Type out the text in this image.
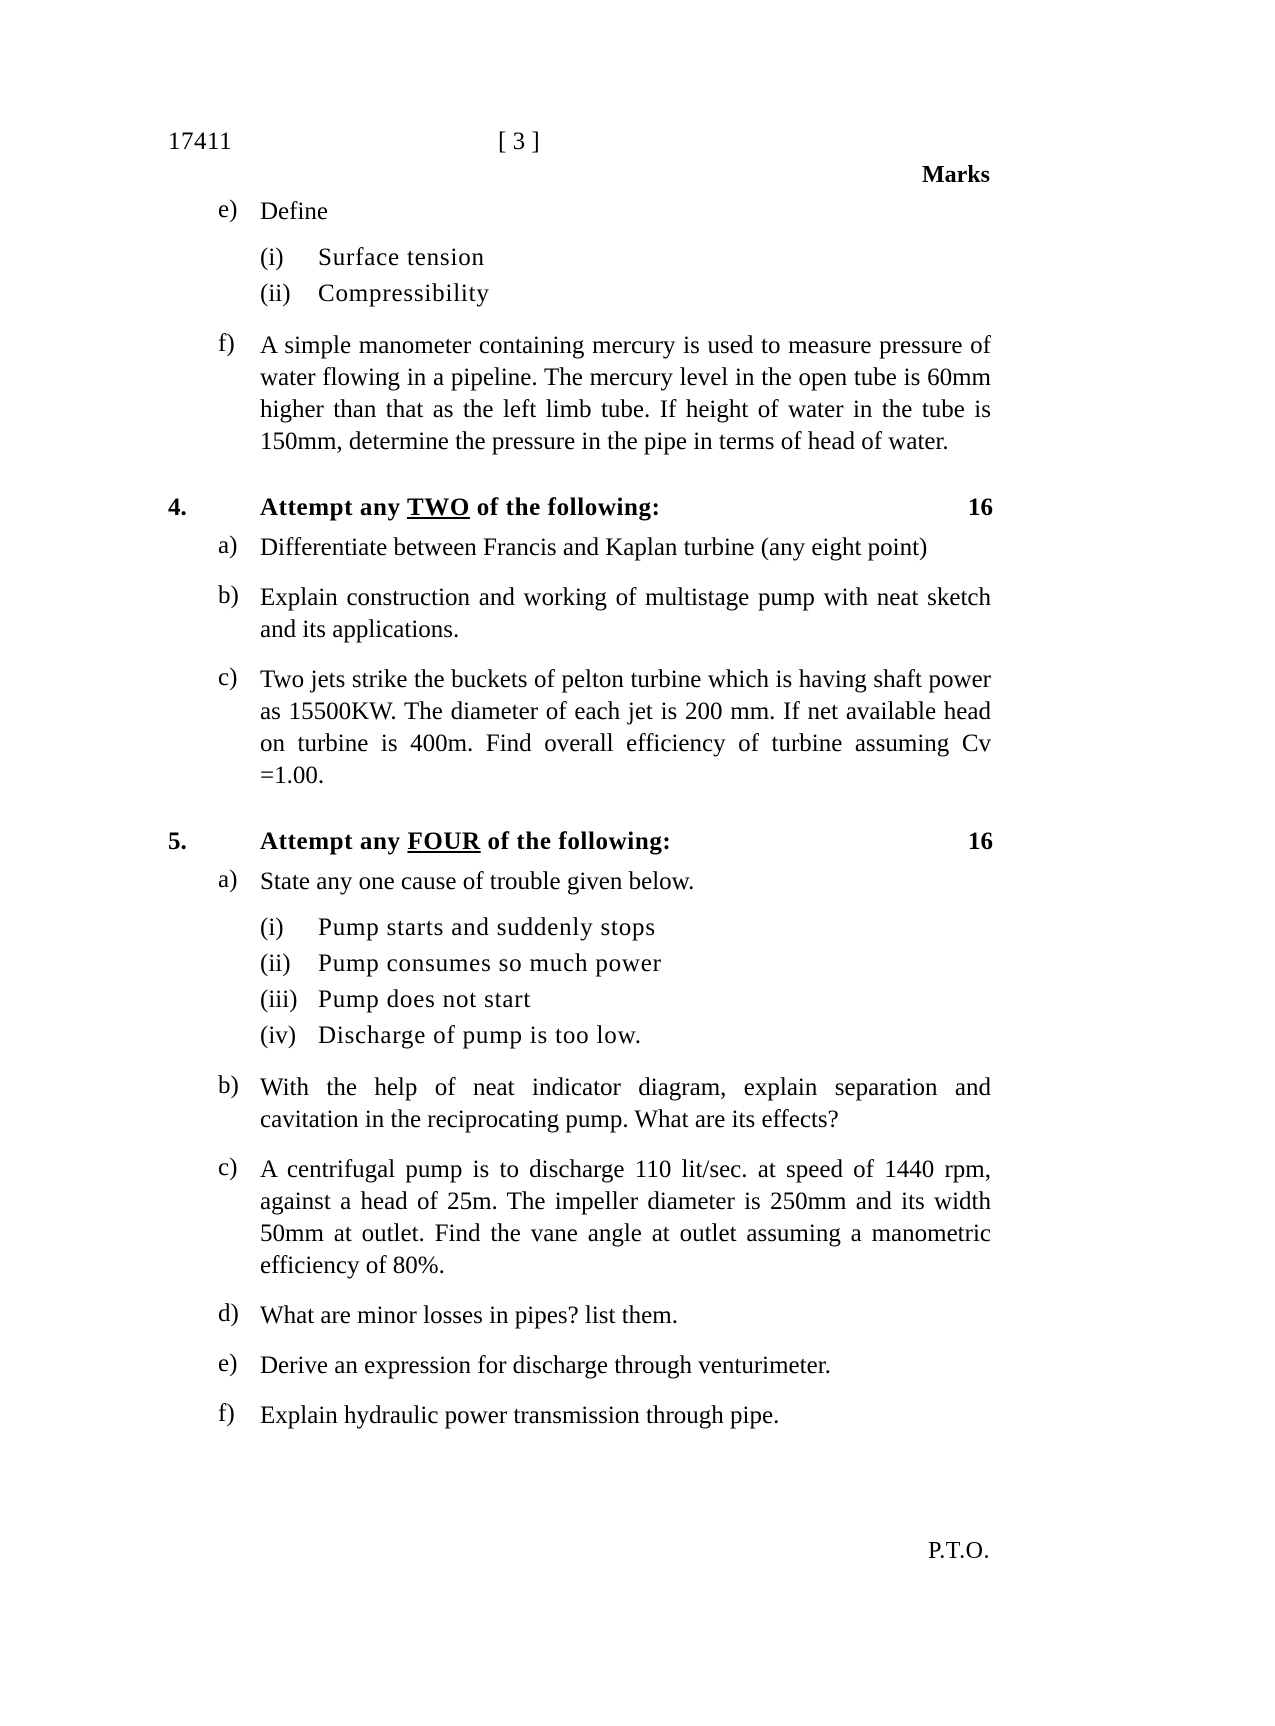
17411	[ 3 ]
Marks
e) Define
(i)	Surface tension
(ii)	Compressibility
f)	A simple manometer containing mercury is used to measure pressure of water flowing in a pipeline. The mercury level in the open tube is 60mm higher than that as the left limb tube. If height of water in the tube is 150mm, determine the pressure in the pipe in terms of head of water.
4.	Attempt any TWO of the following:	16
a) Differentiate between Francis and Kaplan turbine (any eight point)
b) Explain construction and working of multistage pump with neat sketch and its applications.
c) Two jets strike the buckets of pelton turbine which is having shaft power as 15500KW. The diameter of each jet is 200 mm. If net available head on turbine is 400m. Find overall efficiency of turbine assuming Cv =1.00.
5.	Attempt any FOUR of the following:	16
a) State any one cause of trouble given below.
(i)	Pump starts and suddenly stops
(ii)	Pump consumes so much power
(iii) Pump does not start
(iv) Discharge of pump is too low.
b) With the help of neat indicator diagram, explain separation and cavitation in the reciprocating pump. What are its effects?
c) A centrifugal pump is to discharge 110 lit/sec. at speed of 1440 rpm, against a head of 25m. The impeller diameter is 250mm and its width 50mm at outlet. Find the vane angle at outlet assuming a manometric efficiency of 80%.
d) What are minor losses in pipes? list them.
e) Derive an expression for discharge through venturimeter.
f)	Explain hydraulic power transmission through pipe.
P.T.O.
